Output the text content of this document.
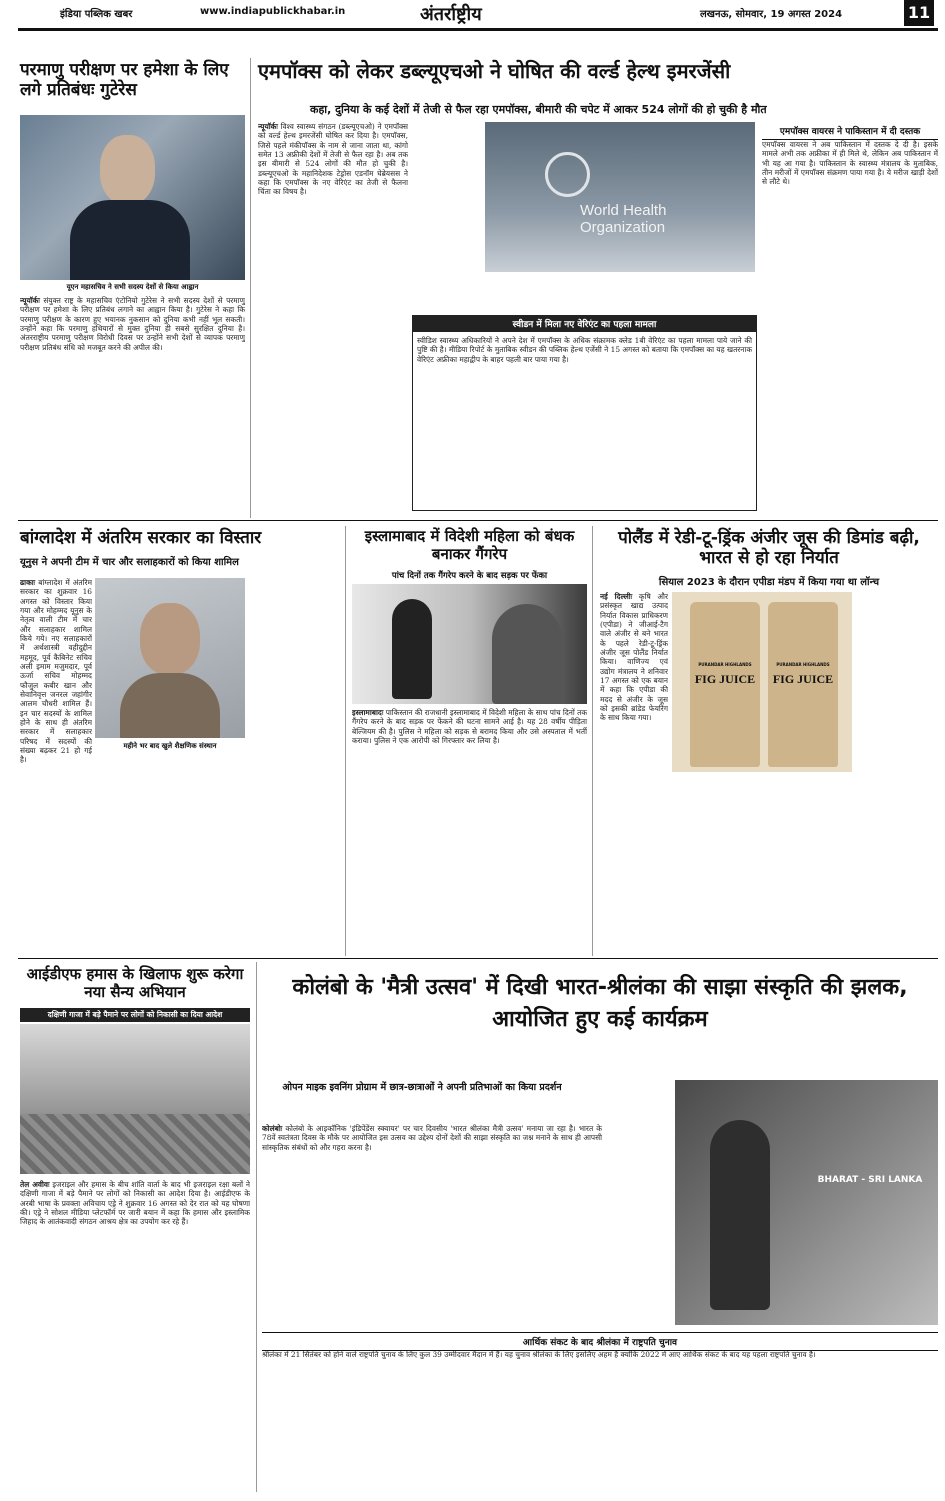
इंडिया पब्लिक खबर	www.indiapublickhabar.in	अंतर्राष्ट्रीय	लखनऊ, सोमवार, 19 अगस्त 2024	11
परमाणु परीक्षण पर हमेशा के लिए लगे प्रतिबंधः गुटेरेस
यूएन महासचिव ने सभी सदस्य देशों से किया आह्वान
न्यूयॉर्कः संयुक्त राष्ट्र के महासचिव एंटोनियो गुटेरेस ने सभी सदस्य देशों से परमाणु परीक्षण पर हमेशा के लिए प्रतिबंध लगाने का आह्वान किया है। गुटेरेस ने कहा कि परमाणु परीक्षण के कारण हुए भयानक नुकसान को दुनिया कभी नहीं भूल सकती। उन्होंने कहा कि परमाणु हथियारों से मुक्त दुनिया ही सबसे सुरक्षित दुनिया है। अंतरराष्ट्रीय परमाणु परीक्षण विरोधी दिवस पर उन्होंने सभी देशों से व्यापक परमाणु परीक्षण प्रतिबंध संधि को मजबूत करने की अपील की।
एमपॉक्स को लेकर डब्ल्यूएचओ ने घोषित की वर्ल्ड हेल्थ इमरजेंसी
कहा, दुनिया के कई देशों में तेजी से फैल रहा एमपॉक्स, बीमारी की चपेट में आकर 524 लोगों की हो चुकी है मौत
न्यूयॉर्कः विश्व स्वास्थ्य संगठन (डब्ल्यूएचओ) ने एमपॉक्स को वर्ल्ड हेल्थ इमरजेंसी घोषित कर दिया है। एमपॉक्स, जिसे पहले मंकीपॉक्स के नाम से जाना जाता था, कांगो समेत 13 अफ्रीकी देशों में तेजी से फैल रहा है। अब तक इस बीमारी से 524 लोगों की मौत हो चुकी है। डब्ल्यूएचओ के महानिदेशक टेड्रोस एडनॉम घेब्रेयसस ने कहा कि एमपॉक्स के नए वेरिएंट का तेजी से फैलना चिंता का विषय है।
World Health Organization
स्वीडन में मिला नए वेरिएंट का पहला मामला
स्वीडिश स्वास्थ्य अधिकारियों ने अपने देश में एमपॉक्स के अधिक संक्रामक क्लेड 1बी वेरिएंट का पहला मामला पाये जाने की पुष्टि की है। मीडिया रिपोर्ट के मुताबिक स्वीडन की पब्लिक हेल्थ एजेंसी ने 15 अगस्त को बताया कि एमपॉक्स का यह खतरनाक वेरिएंट अफ्रीका महाद्वीप के बाहर पहली बार पाया गया है।
एमपॉक्स वायरस ने पाकिस्तान में दी दस्तक
एमपॉक्स वायरस ने अब पाकिस्तान में दस्तक दे दी है। इसके मामले अभी तक अफ्रीका में ही मिले थे, लेकिन अब पाकिस्तान में भी यह आ गया है। पाकिस्तान के स्वास्थ्य मंत्रालय के मुताबिक, तीन मरीजों में एमपॉक्स संक्रमण पाया गया है। ये मरीज खाड़ी देशों से लौटे थे।
बांग्लादेश में अंतरिम सरकार का विस्तार
यूनुस ने अपनी टीम में चार और सलाहकारों को किया शामिल
महीने भर बाद खुले शैक्षणिक संस्थान
ढाकाः बांग्लादेश में अंतरिम सरकार का शुक्रवार 16 अगस्त को विस्तार किया गया और मोहम्मद यूनुस के नेतृत्व वाली टीम में चार और सलाहकार शामिल किये गये। नए सलाहकारों में अर्थशास्त्री वहीदुद्दीन महमूद, पूर्व कैबिनेट सचिव अली इमाम मजुमदार, पूर्व ऊर्जा सचिव मोहम्मद फौजुल कबीर खान और सेवानिवृत्त जनरल जहांगीर आलम चौधरी शामिल हैं। इन चार सदस्यों के शामिल होने के साथ ही अंतरिम सरकार में सलाहकार परिषद में सदस्यों की संख्या बढ़कर 21 हो गई है।
इस्लामाबाद में विदेशी महिला को बंधक बनाकर गैंगरेप
पांच दिनों तक गैंगरेप करने के बाद सड़क पर फेंका
इस्लामाबादः पाकिस्तान की राजधानी इस्लामाबाद में विदेशी महिला के साथ पांच दिनों तक गैंगरेप करने के बाद सड़क पर फेंकने की घटना सामने आई है। यह 28 वर्षीय पीड़िता बेल्जियम की है। पुलिस ने महिला को सड़क से बरामद किया और उसे अस्पताल में भर्ती कराया। पुलिस ने एक आरोपी को गिरफ्तार कर लिया है।
पोलैंड में रेडी-टू-ड्रिंक अंजीर जूस की डिमांड बढ़ी, भारत से हो रहा निर्यात
सियाल 2023 के दौरान एपीडा मंडप में किया गया था लॉन्च
नई दिल्लीः कृषि और प्रसंस्कृत खाद्य उत्पाद निर्यात विकास प्राधिकरण (एपीडा) ने जीआई-टैग वाले अंजीर से बने भारत के पहले रेडी-टू-ड्रिंक अंजीर जूस पोलैंड निर्यात किया। वाणिज्य एवं उद्योग मंत्रालय ने शनिवार 17 अगस्त को एक बयान में कहा कि एपीडा की मदद से अंजीर के जूस को इसकी ब्रांडेड फेयरिंग के साथ किया गया।
PURANDAR HIGHLANDS
FIG JUICE
PURANDAR HIGHLANDS
FIG JUICE
आईडीएफ हमास के खिलाफ शुरू करेगा नया सैन्य अभियान
दक्षिणी गाजा में बड़े पैमाने पर लोगों को निकासी का दिया आदेश
तेल अवीवः इजराइल और हमास के बीच शांति वार्ता के बाद भी इजराइल रक्षा बलों ने दक्षिणी गाजा में बड़े पैमाने पर लोगों को निकासी का आदेश दिया है। आईडीएफ के अरबी भाषा के प्रवक्ता अविचाय एड्रे ने शुक्रवार 16 अगस्त को देर रात को यह घोषणा की। एड्रे ने सोशल मीडिया प्लेटफॉर्म पर जारी बयान में कहा कि हमास और इस्लामिक जिहाद के आतंकवादी संगठन आश्रय क्षेत्र का उपयोग कर रहे हैं।
कोलंबो के 'मैत्री उत्सव' में दिखी भारत-श्रीलंका की साझा संस्कृति की झलक, आयोजित हुए कई कार्यक्रम
ओपन माइक इवनिंग प्रोग्राम में छात्र-छात्राओं ने अपनी प्रतिभाओं का किया प्रदर्शन
कोलंबोः कोलंबो के आइकॉनिक 'इंडिपेंडेंस स्क्वायर' पर चार दिवसीय 'भारत श्रीलंका मैत्री उत्सव' मनाया जा रहा है। भारत के 78वें स्वतंत्रता दिवस के मौके पर आयोजित इस उत्सव का उद्देश्य दोनों देशों की साझा संस्कृति का जश्न मनाने के साथ ही आपसी सांस्कृतिक संबंधों को और गहरा करना है।
BHARAT - SRI LANKA
आर्थिक संकट के बाद श्रीलंका में राष्ट्रपति चुनाव
श्रीलंका में 21 सितंबर को होने वाले राष्ट्रपति चुनाव के लिए कुल 39 उम्मीदवार मैदान में हैं। यह चुनाव श्रीलंका के लिए इसलिए अहम है क्योंकि 2022 में आए आर्थिक संकट के बाद यह पहला राष्ट्रपति चुनाव है।
